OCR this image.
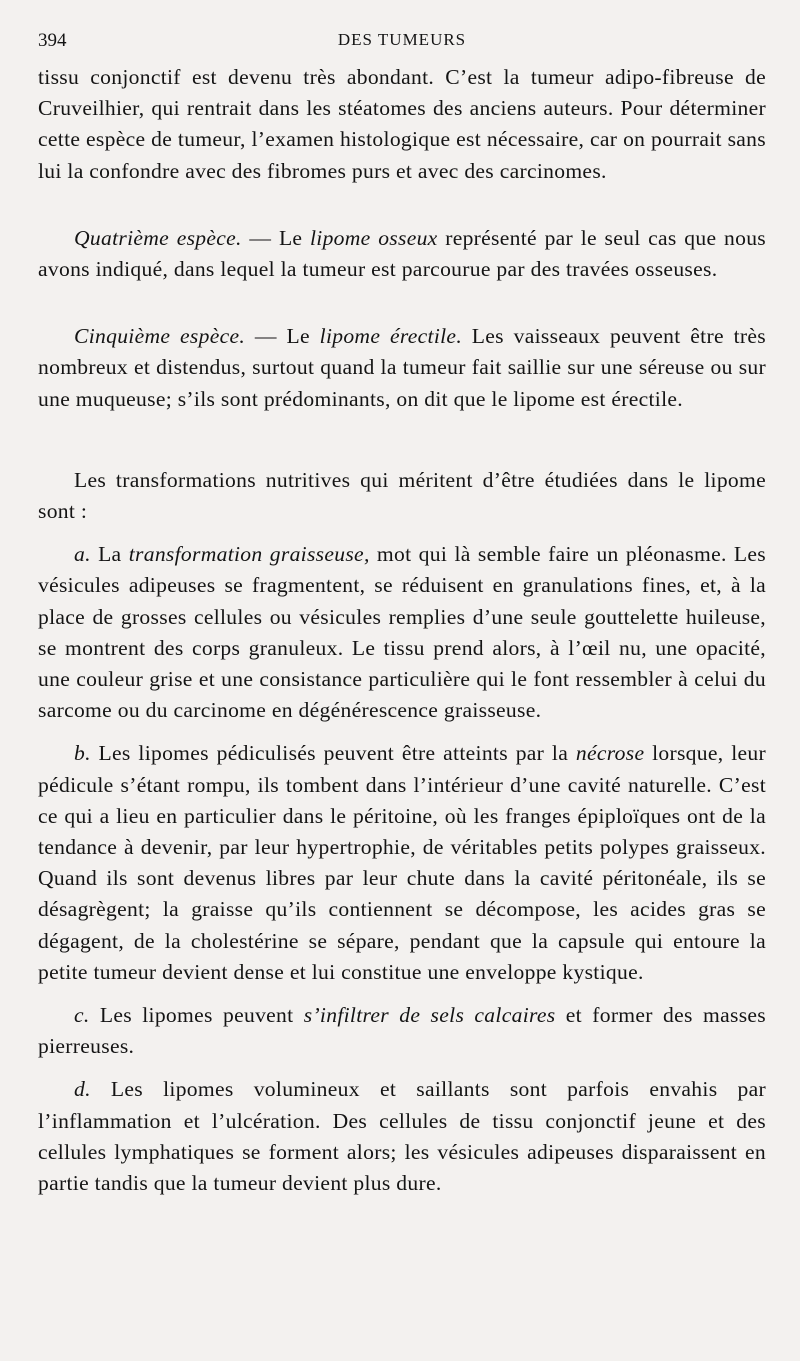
394	DES TUMEURS

tissu conjonctif est devenu très abondant. C’est la tumeur adipo-fibreuse de Cruveilhier, qui rentrait dans les stéatomes des anciens auteurs. Pour déterminer cette espèce de tumeur, l’examen histologique est nécessaire, car on pourrait sans lui la confondre avec des fibromes purs et avec des carcinomes.

Quatrième espèce. — Le lipome osseux représenté par le seul cas que nous avons indiqué, dans lequel la tumeur est parcourue par des travées osseuses.

Cinquième espèce. — Le lipome érectile. Les vaisseaux peuvent être très nombreux et distendus, surtout quand la tumeur fait saillie sur une séreuse ou sur une muqueuse; s’ils sont prédominants, on dit que le lipome est érectile.

Les transformations nutritives qui méritent d’être étudiées dans le lipome sont :

a. La transformation graisseuse, mot qui là semble faire un pléonasme. Les vésicules adipeuses se fragmentent, se réduisent en granulations fines, et, à la place de grosses cellules ou vésicules remplies d’une seule gouttelette huileuse, se montrent des corps granuleux. Le tissu prend alors, à l’œil nu, une opacité, une couleur grise et une consistance particulière qui le font ressembler à celui du sarcome ou du carcinome en dégénérescence graisseuse.

b. Les lipomes pédiculisés peuvent être atteints par la nécrose lorsque, leur pédicule s’étant rompu, ils tombent dans l’intérieur d’une cavité naturelle. C’est ce qui a lieu en particulier dans le péritoine, où les franges épiploïques ont de la tendance à devenir, par leur hypertrophie, de véritables petits polypes graisseux. Quand ils sont devenus libres par leur chute dans la cavité péritonéale, ils se désagrègent; la graisse qu’ils contiennent se décompose, les acides gras se dégagent, de la cholestérine se sépare, pendant que la capsule qui entoure la petite tumeur devient dense et lui constitue une enveloppe kystique.

c. Les lipomes peuvent s’infiltrer de sels calcaires et former des masses pierreuses.

d. Les lipomes volumineux et saillants sont parfois envahis par l’inflammation et l’ulcération. Des cellules de tissu conjonctif jeune et des cellules lymphatiques se forment alors; les vésicules adipeuses disparaissent en partie tandis que la tumeur devient plus dure.
